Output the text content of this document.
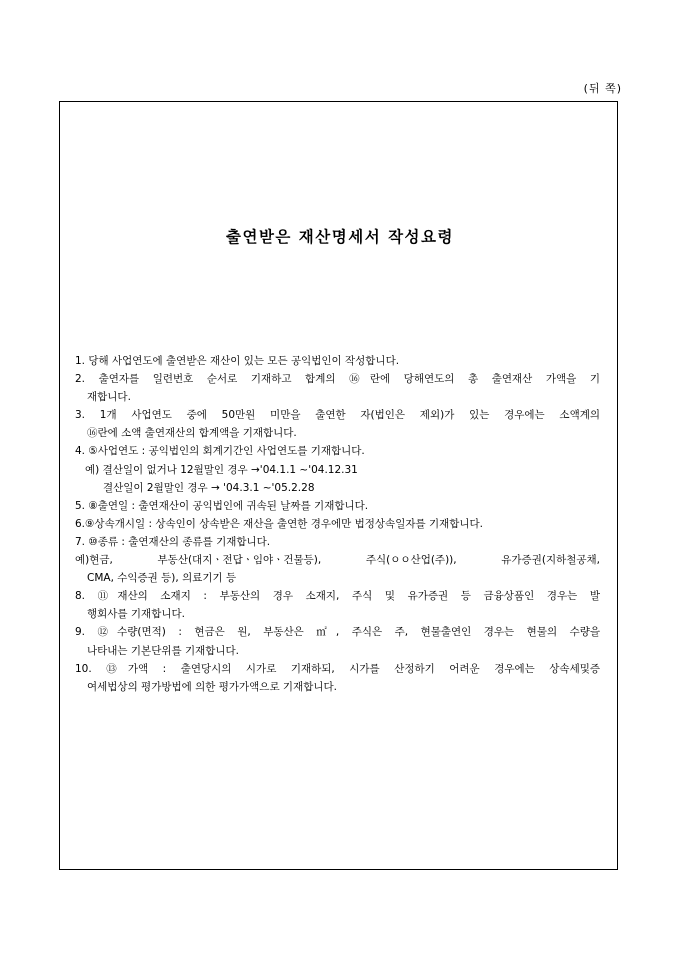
(뒤 쪽)
출연받은 재산명세서 작성요령
1. 당해 사업연도에 출연받은 재산이 있는 모든 공익법인이 작성합니다.
2. 출연자를 일련번호 순서로 기재하고 합계의 ⑯란에 당해연도의 총 출연재산 가액을 기
재합니다.
3. 1개 사업연도 중에 50만원 미만을 출연한 자(법인은 제외)가 있는 경우에는 소액계의
⑯란에 소액 출연재산의 합계액을 기재합니다.
4. ⑤사업연도 : 공익법인의 회계기간인 사업연도를 기재합니다.
예) 결산일이 없거나 12월말인 경우 →'04.1.1 ~'04.12.31
결산일이 2월말인 경우 → '04.3.1 ~'05.2.28
5. ⑧출연일 : 출연재산이 공익법인에 귀속된 날짜를 기재합니다.
6.⑨상속개시일 : 상속인이 상속받은 재산을 출연한 경우에만 법정상속일자를 기재합니다.
7. ⑩종류 : 출연재산의 종류를 기재합니다.
예)현금, 부동산(대지ㆍ전답ㆍ임야ㆍ건물등), 주식(ㅇㅇ산업(주)), 유가증권(지하철공채,
CMA, 수익증권 등), 의료기기 등
8. ⑪재산의 소재지 : 부동산의 경우 소재지, 주식 및 유가증권 등 금융상품인 경우는 발
행회사를 기재합니다.
9. ⑫수량(면적) : 현금은 원, 부동산은 ㎡, 주식은 주, 현물출연인 경우는 현물의 수량을
나타내는 기본단위를 기재합니다.
10. ⑬가액 : 출연당시의 시가로 기재하되, 시가를 산정하기 어려운 경우에는 상속세및증
여세법상의 평가방법에 의한 평가가액으로 기재합니다.
